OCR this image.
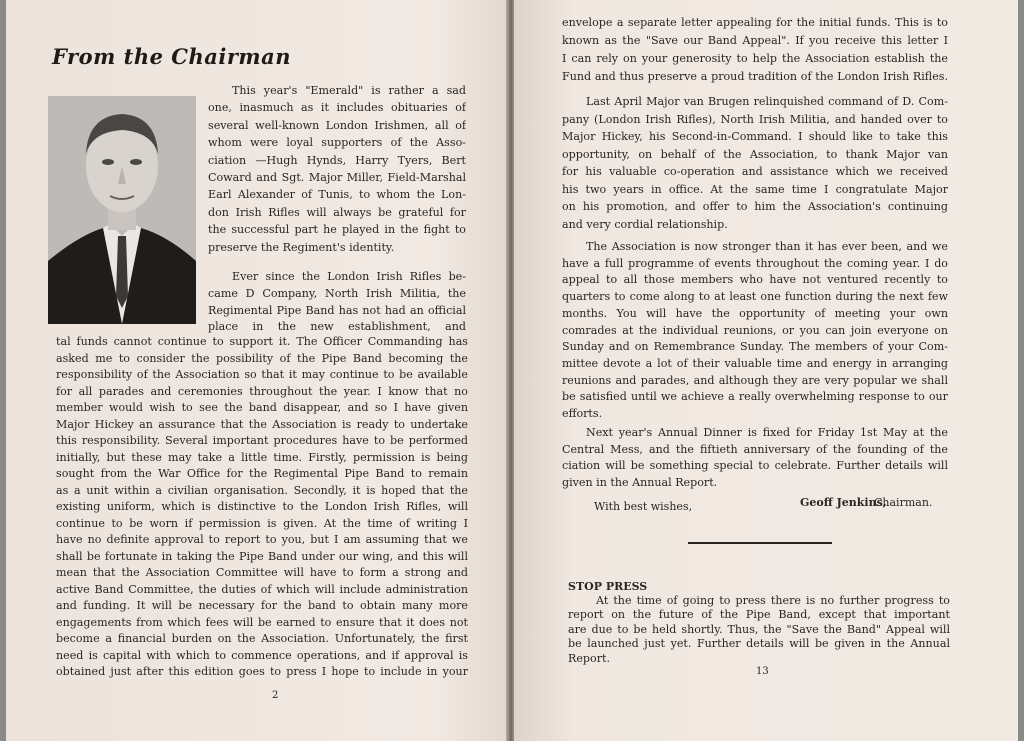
From the Chairman
This year's "Emerald" is rather a sad
one, inasmuch as it includes obituaries of
several well-known London Irishmen, all of
whom were loyal supporters of the Asso-
ciation —Hugh Hynds, Harry Tyers, Bert
Coward and Sgt. Major Miller, Field-Marshal
Earl Alexander of Tunis, to whom the Lon-
don Irish Rifles will always be grateful for
the successful part he played in the fight to
preserve the Regiment's identity.
Ever since the London Irish Rifles be-
came D Company, North Irish Militia, the
Regimental Pipe Band has not had an official
place in the new establishment, and
tal funds cannot continue to support it. The Officer Commanding has
asked me to consider the possibility of the Pipe Band becoming the
responsibility of the Association so that it may continue to be available
for all parades and ceremonies throughout the year. I know that no
member would wish to see the band disappear, and so I have given
Major Hickey an assurance that the Association is ready to undertake
this responsibility. Several important procedures have to be performed
initially, but these may take a little time. Firstly, permission is being
sought from the War Office for the Regimental Pipe Band to remain
as a unit within a civilian organisation. Secondly, it is hoped that the
existing uniform, which is distinctive to the London Irish Rifles, will
continue to be worn if permission is given. At the time of writing I
have no definite approval to report to you, but I am assuming that we
shall be fortunate in taking the Pipe Band under our wing, and this will
mean that the Association Committee will have to form a strong and
active Band Committee, the duties of which will include administration
and funding. It will be necessary for the band to obtain many more
engagements from which fees will be earned to ensure that it does not
become a financial burden on the Association. Unfortunately, the first
need is capital with which to commence operations, and if approval is
obtained just after this edition goes to press I hope to include in your
2
envelope a separate letter appealing for the initial funds. This is to
known as the "Save our Band Appeal". If you receive this letter I
I can rely on your generosity to help the Association establish the
Fund and thus preserve a proud tradition of the London Irish Rifles.
Last April Major van Brugen relinquished command of D. Com-
pany (London Irish Rifles), North Irish Militia, and handed over to
Major Hickey, his Second-in-Command. I should like to take this
opportunity, on behalf of the Association, to thank Major van
for his valuable co-operation and assistance which we received
his two years in office. At the same time I congratulate Major
on his promotion, and offer to him the Association's continuing
and very cordial relationship.
The Association is now stronger than it has ever been, and we
have a full programme of events throughout the coming year. I do
appeal to all those members who have not ventured recently to
quarters to come along to at least one function during the next few
months. You will have the opportunity of meeting your own
comrades at the individual reunions, or you can join everyone on
Sunday and on Remembrance Sunday. The members of your Com-
mittee devote a lot of their valuable time and energy in arranging
reunions and parades, and although they are very popular we shall
be satisfied until we achieve a really overwhelming response to our
efforts.
Next year's Annual Dinner is fixed for Friday 1st May at the
Central Mess, and the fiftieth anniversary of the founding of the
ciation will be something special to celebrate. Further details will
given in the Annual Report.
With best wishes,	Geoff Jenkins,
Chairman.
STOP PRESS
At the time of going to press there is no further progress to
report on the future of the Pipe Band, except that important
are due to be held shortly. Thus, the "Save the Band" Appeal will
be launched just yet. Further details will be given in the Annual
Report.
13
